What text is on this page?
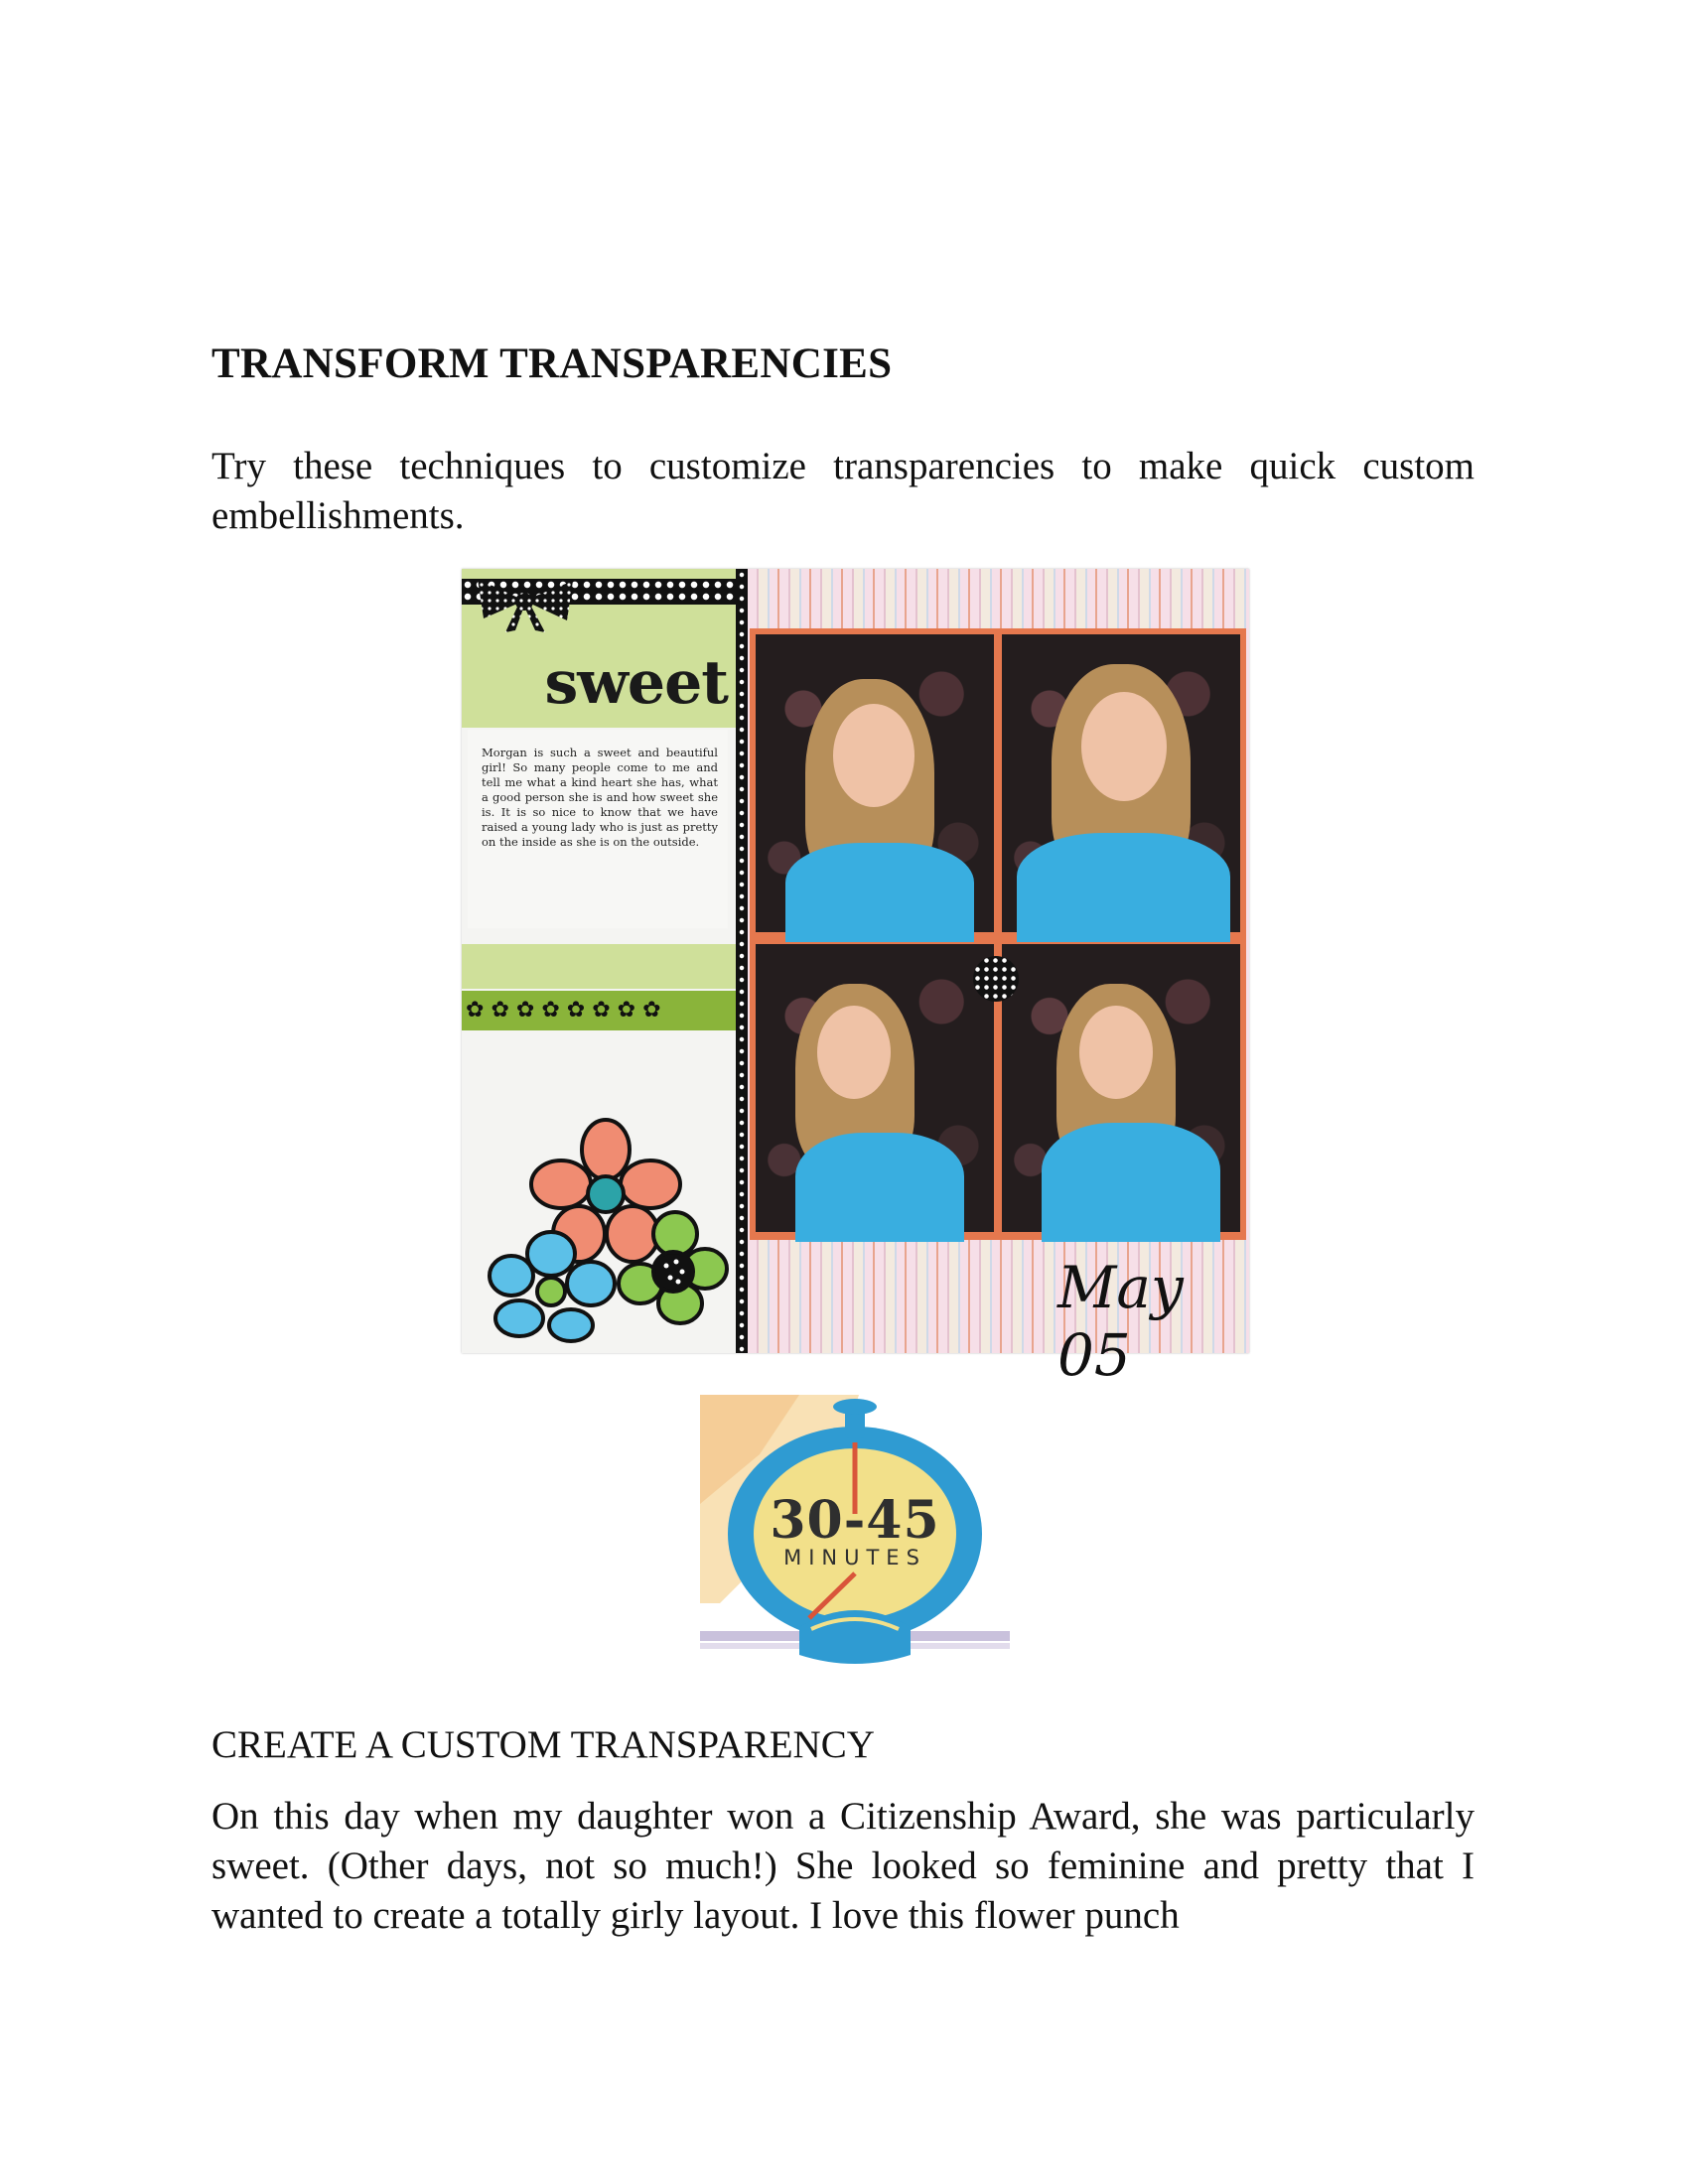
TRANSFORM TRANSPARENCIES

Try these techniques to customize transparencies to make quick custom embellishments.

sweet

Morgan is such a sweet and beautiful girl! So many people come to me and tell me what a kind heart she has, what a good person she is and how sweet she is. It is so nice to know that we have raised a young lady who is just as pretty on the inside as she is on the outside.

✿ ✿ ✿ ✿ ✿ ✿ ✿ ✿
May 05
30-45
MINUTES
CREATE A CUSTOM TRANSPARENCY

On this day when my daughter won a Citizenship Award, she was particularly sweet. (Other days, not so much!) She looked so feminine and pretty that I wanted to create a totally girly layout. I love this flower punch
